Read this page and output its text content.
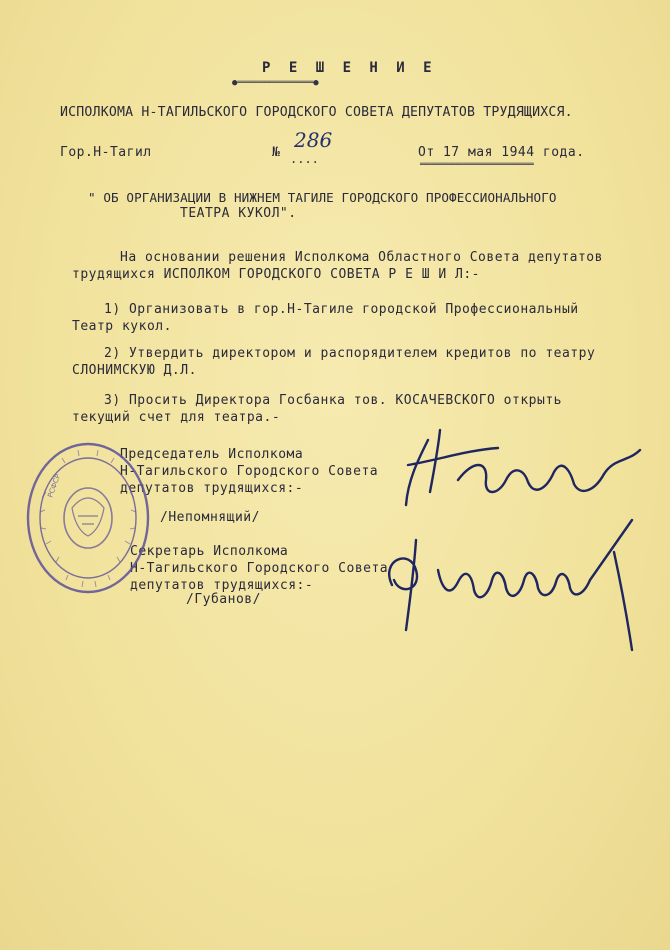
Р Е Ш Е Н И Е
●══════════════●
ИСПОЛКОМА Н-ТАГИЛЬСКОГО ГОРОДСКОГО СОВЕТА ДЕПУТАТОВ ТРУДЯЩИХСЯ.
Гор.Н-Тагил	№
286
....	От 17 мая 1944 года.
═════════════════════
" ОБ ОРГАНИЗАЦИИ В НИЖНЕМ ТАГИЛЕ ГОРОДСКОГО ПРОФЕССИОНАЛЬНОГО
ТЕАТРА КУКОЛ".
На основании решения Исполкома Областного Совета депутатов
трудящихся ИСПОЛКОМ ГОРОДСКОГО СОВЕТА Р Е Ш И Л:-
1) Организовать в гор.Н-Тагиле городской Профессиональный
Театр кукол.
2) Утвердить директором и распорядителем кредитов по театру
СЛОНИМСКУЮ Д.Л.
3) Просить Директора Госбанка тов. КОСАЧЕВСКОГО открыть
текущий счет для театра.-
Председатель Исполкома
Н-Тагильского Городского Совета
депутатов трудящихся:-
/Непомнящий/
Секретарь Исполкома
Н-Тагильского Городского Совета
депутатов трудящихся:-
/Губанов/
РСФСР
